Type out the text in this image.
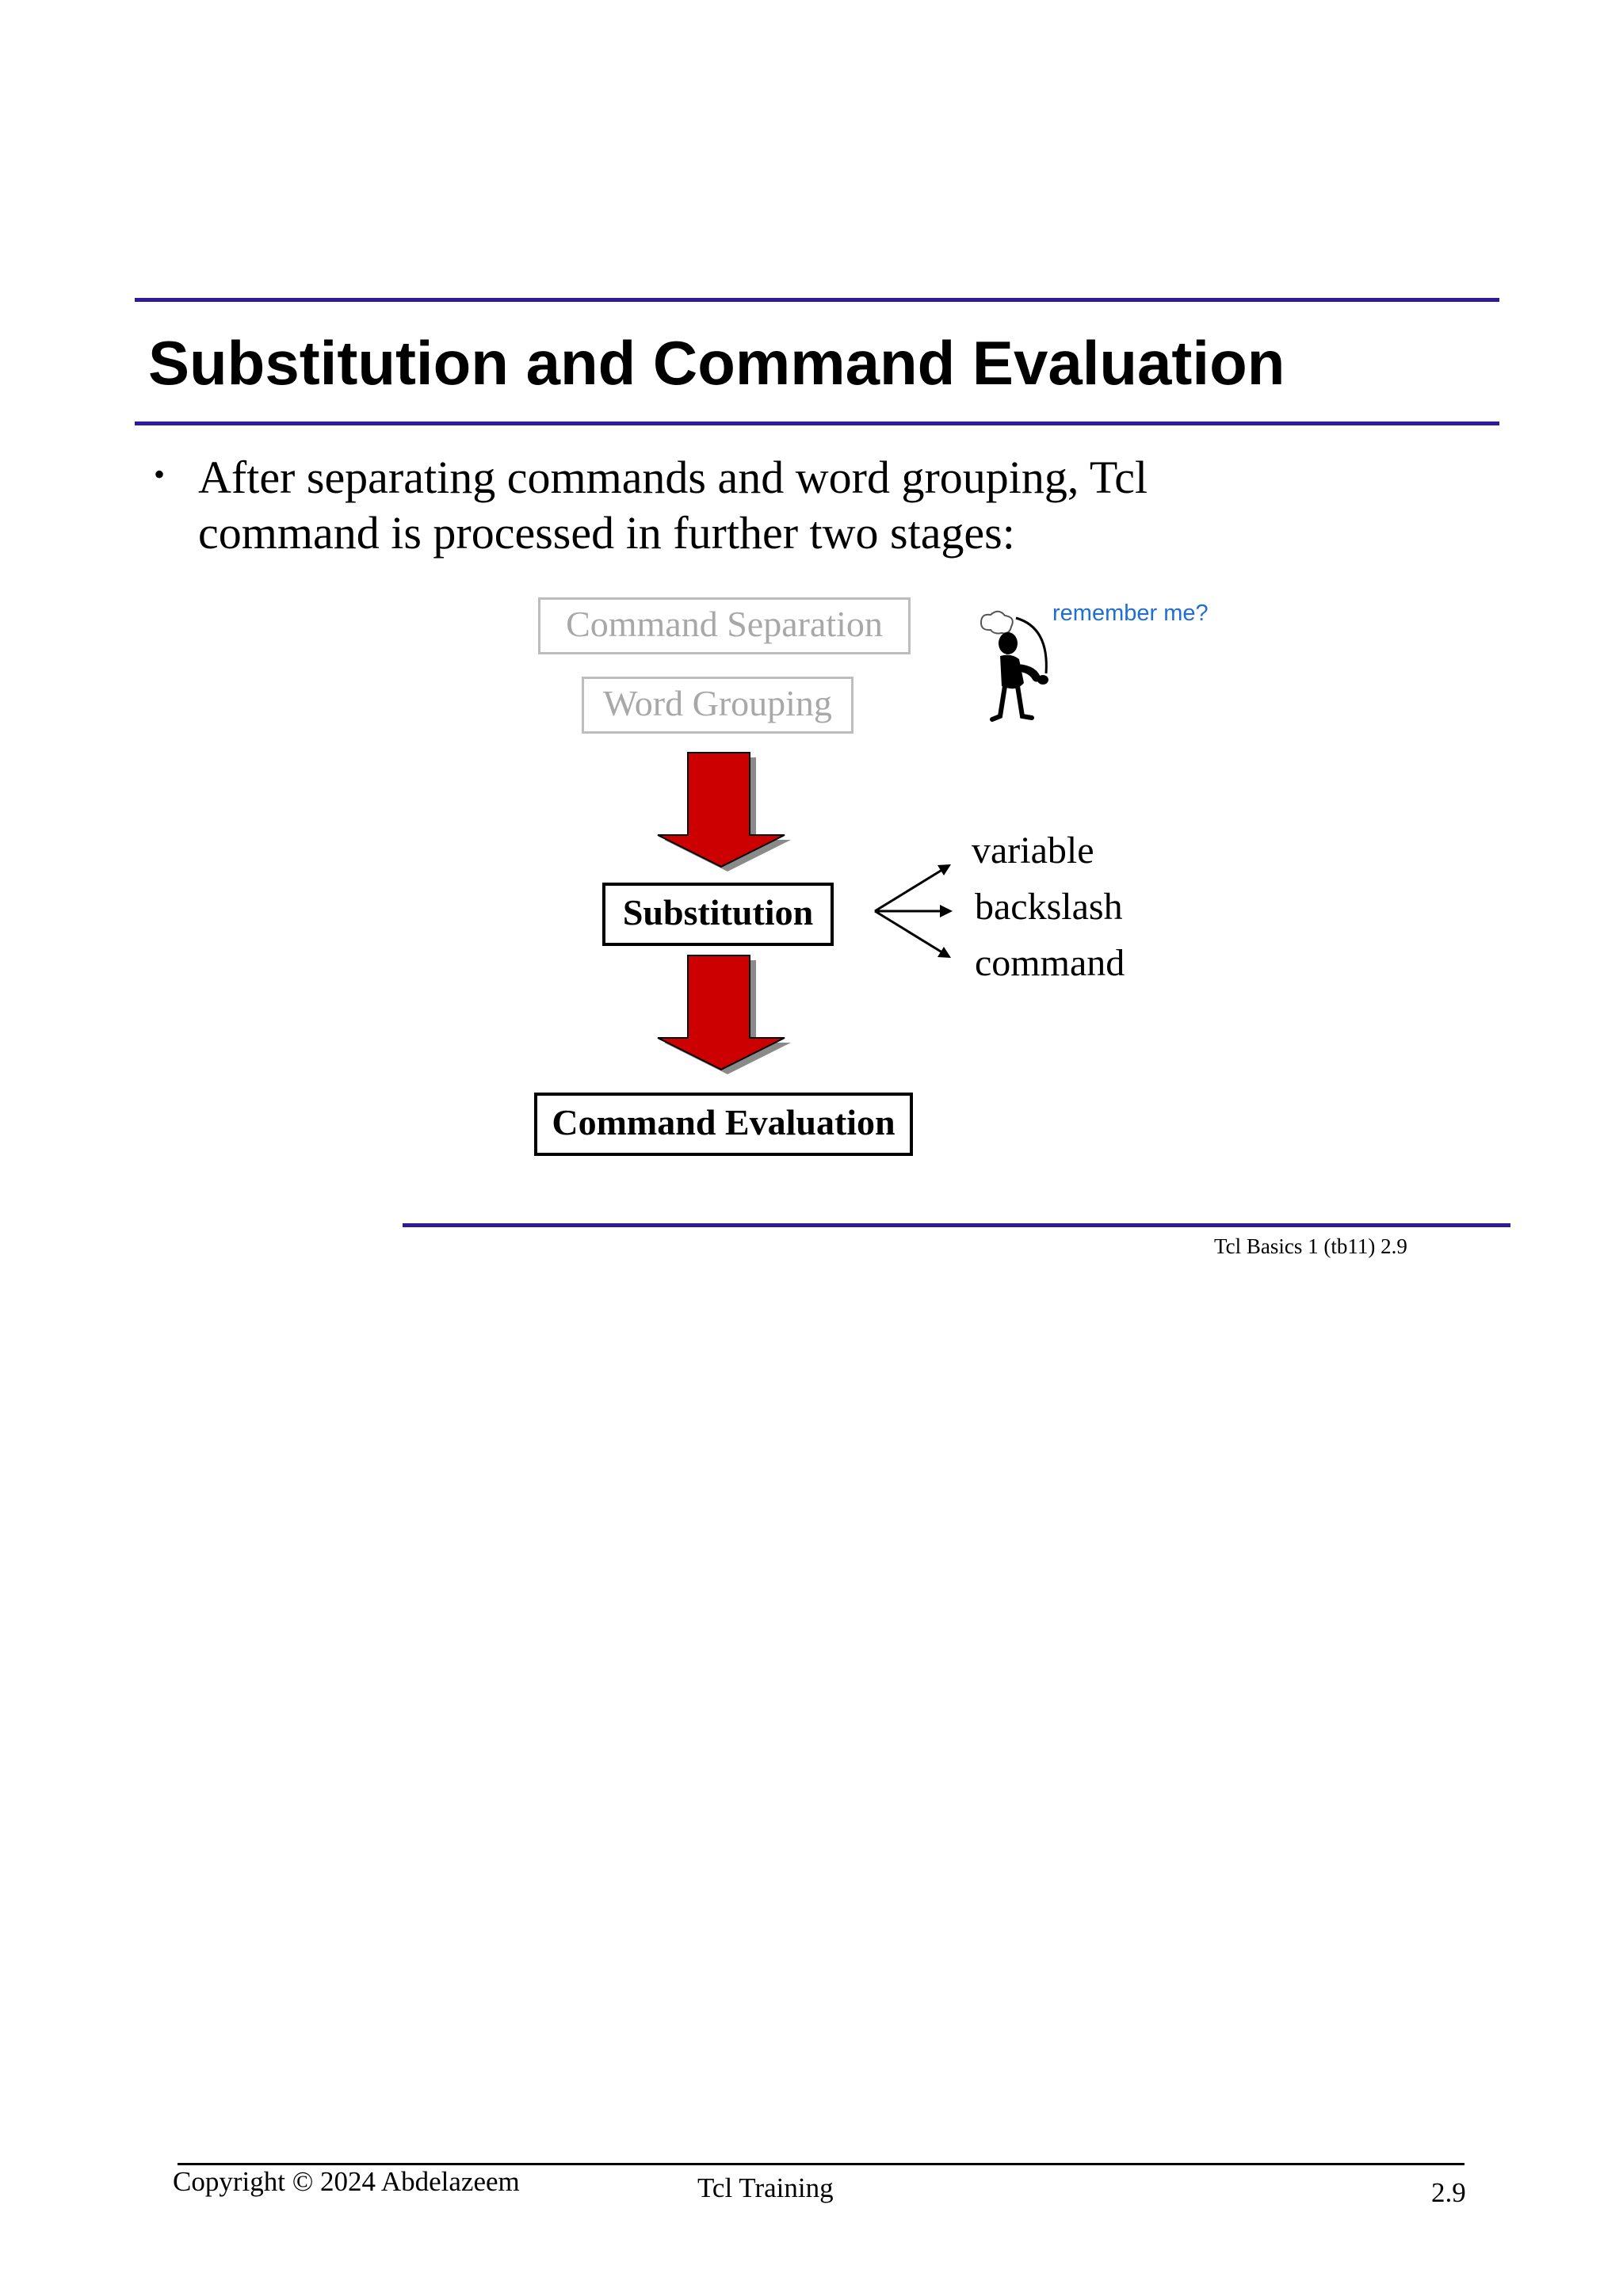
Substitution and Command Evaluation
• After separating commands and word grouping, Tcl
command is processed in further two stages:
Command Separation
Word Grouping
Substitution
Command Evaluation
variable
backslash
command
remember me?
Tcl Basics 1 (tb11) 2.9
Copyright © 2024 Abdelazeem	Tcl Training	2.9
